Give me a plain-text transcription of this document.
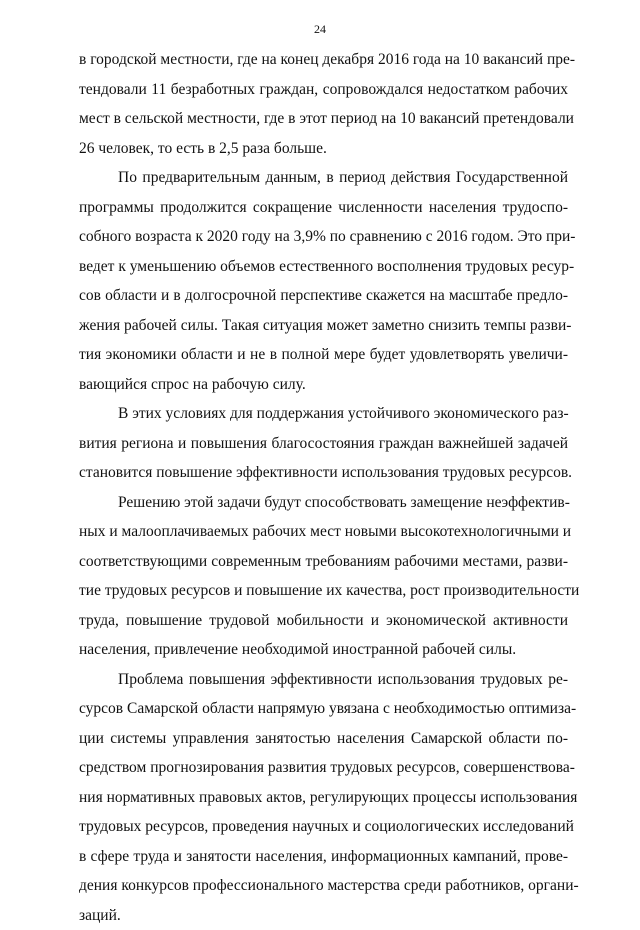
24
в городской местности, где на конец декабря 2016 года на 10 вакансий пре-
тендовали 11 безработных граждан, сопровождался недостатком рабочих
мест в сельской местности, где в этот период на 10 вакансий претендовали
26 человек, то есть в 2,5 раза больше.
По предварительным данным, в период действия Государственной
программы продолжится сокращение численности населения трудоспо-
собного возраста к 2020 году на 3,9% по сравнению с 2016 годом. Это при-
ведет к уменьшению объемов естественного восполнения трудовых ресур-
сов области и в долгосрочной перспективе скажется на масштабе предло-
жения рабочей силы. Такая ситуация может заметно снизить темпы разви-
тия экономики области и не в полной мере будет удовлетворять увеличи-
вающийся спрос на рабочую силу.
В этих условиях для поддержания устойчивого экономического раз-
вития региона и повышения благосостояния граждан важнейшей задачей
становится повышение эффективности использования трудовых ресурсов.
Решению этой задачи будут способствовать замещение неэффектив-
ных и малооплачиваемых рабочих мест новыми высокотехнологичными и
соответствующими современным требованиям рабочими местами, разви-
тие трудовых ресурсов и повышение их качества, рост производительности
труда, повышение трудовой мобильности и экономической активности
населения, привлечение необходимой иностранной рабочей силы.
Проблема повышения эффективности использования трудовых ре-
сурсов Самарской области напрямую увязана с необходимостью оптимиза-
ции системы управления занятостью населения Самарской области по-
средством прогнозирования развития трудовых ресурсов, совершенствова-
ния нормативных правовых актов, регулирующих процессы использования
трудовых ресурсов, проведения научных и социологических исследований
в сфере труда и занятости населения, информационных кампаний, прове-
дения конкурсов профессионального мастерства среди работников, органи-
заций.
